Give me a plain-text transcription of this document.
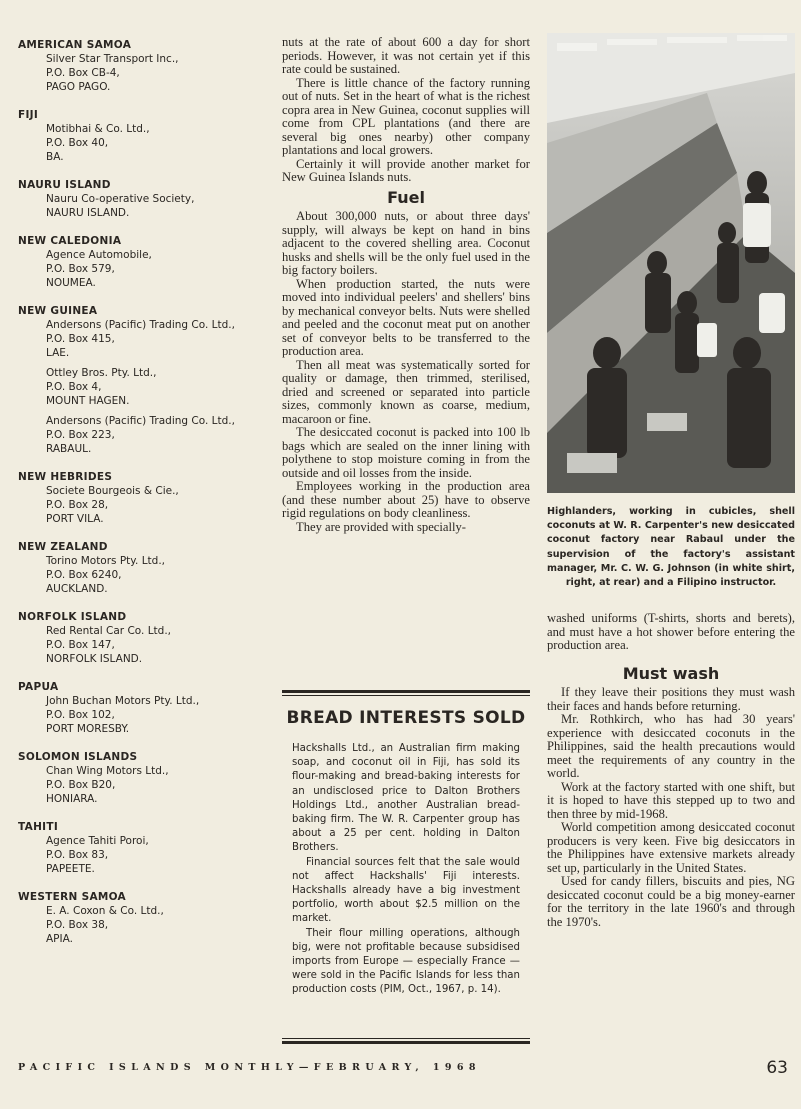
AMERICAN SAMOA
Silver Star Transport Inc.,
P.O. Box CB-4,
PAGO PAGO.
FIJI
Motibhai & Co. Ltd.,
P.O. Box 40,
BA.
NAURU ISLAND
Nauru Co-operative Society,
NAURU ISLAND.
NEW CALEDONIA
Agence Automobile,
P.O. Box 579,
NOUMEA.
NEW GUINEA
Andersons (Pacific) Trading Co. Ltd.,
P.O. Box 415,
LAE.
Ottley Bros. Pty. Ltd.,
P.O. Box 4,
MOUNT HAGEN.
Andersons (Pacific) Trading Co. Ltd.,
P.O. Box 223,
RABAUL.
NEW HEBRIDES
Societe Bourgeois & Cie.,
P.O. Box 28,
PORT VILA.
NEW ZEALAND
Torino Motors Pty. Ltd.,
P.O. Box 6240,
AUCKLAND.
NORFOLK ISLAND
Red Rental Car Co. Ltd.,
P.O. Box 147,
NORFOLK ISLAND.
PAPUA
John Buchan Motors Pty. Ltd.,
P.O. Box 102,
PORT MORESBY.
SOLOMON ISLANDS
Chan Wing Motors Ltd.,
P.O. Box B20,
HONIARA.
TAHITI
Agence Tahiti Poroi,
P.O. Box 83,
PAPEETE.
WESTERN SAMOA
E. A. Coxon & Co. Ltd.,
P.O. Box 38,
APIA.

nuts at the rate of about 600 a day for short periods. However, it was not certain yet if this rate could be sustained.

There is little chance of the factory running out of nuts. Set in the heart of what is the richest copra area in New Guinea, coconut supplies will come from CPL plantations (and there are several big ones nearby) other company plantations and local growers.

Certainly it will provide another market for New Guinea Islands nuts.

Fuel

About 300,000 nuts, or about three days' supply, will always be kept on hand in bins adjacent to the covered shelling area. Coconut husks and shells will be the only fuel used in the big factory boilers.

When production started, the nuts were moved into individual peelers' and shellers' bins by mechanical conveyor belts. Nuts were shelled and peeled and the coconut meat put on another set of conveyor belts to be transferred to the production area.

Then all meat was systematically sorted for quality or damage, then trimmed, sterilised, dried and screened or separated into particle sizes, commonly known as coarse, medium, macaroon or fine.

The desiccated coconut is packed into 100 lb bags which are sealed on the inner lining with polythene to stop moisture coming in from the outside and oil losses from the inside.

Employees working in the production area (and these number about 25) have to observe rigid regulations on body cleanliness.

They are provided with specially-

BREAD INTERESTS SOLD

Hackshalls Ltd., an Australian firm making soap, and coconut oil in Fiji, has sold its flour-making and bread-baking interests for an undisclosed price to Dalton Brothers Holdings Ltd., another Australian bread-baking firm. The W. R. Carpenter group has about a 25 per cent. holding in Dalton Brothers.

Financial sources felt that the sale would not affect Hackshalls' Fiji interests. Hackshalls already have a big investment portfolio, worth about $2.5 million on the market.

Their flour milling operations, although big, were not profitable because subsidised imports from Europe — especially France — were sold in the Pacific Islands for less than production costs (PIM, Oct., 1967, p. 14).

Highlanders, working in cubicles, shell coconuts at W. R. Carpenter's new desiccated coconut factory near Rabaul under the supervision of the factory's assistant manager, Mr. C. W. G. Johnson (in white shirt, right, at rear) and a Filipino instructor.

washed uniforms (T-shirts, shorts and berets), and must have a hot shower before entering the production area.

Must wash

If they leave their positions they must wash their faces and hands before returning.

Mr. Rothkirch, who has had 30 years' experience with desiccated coconuts in the Philippines, said the health precautions would meet the requirements of any country in the world.

Work at the factory started with one shift, but it is hoped to have this stepped up to two and then three by mid-1968.

World competition among desiccated coconut producers is very keen. Five big desiccators in the Philippines have extensive markets already set up, particularly in the United States.

Used for candy fillers, biscuits and pies, NG desiccated coconut could be a big money-earner for the territory in the late 1960's and through the 1970's.

PACIFIC ISLANDS MONTHLY—FEBRUARY, 1968	63
